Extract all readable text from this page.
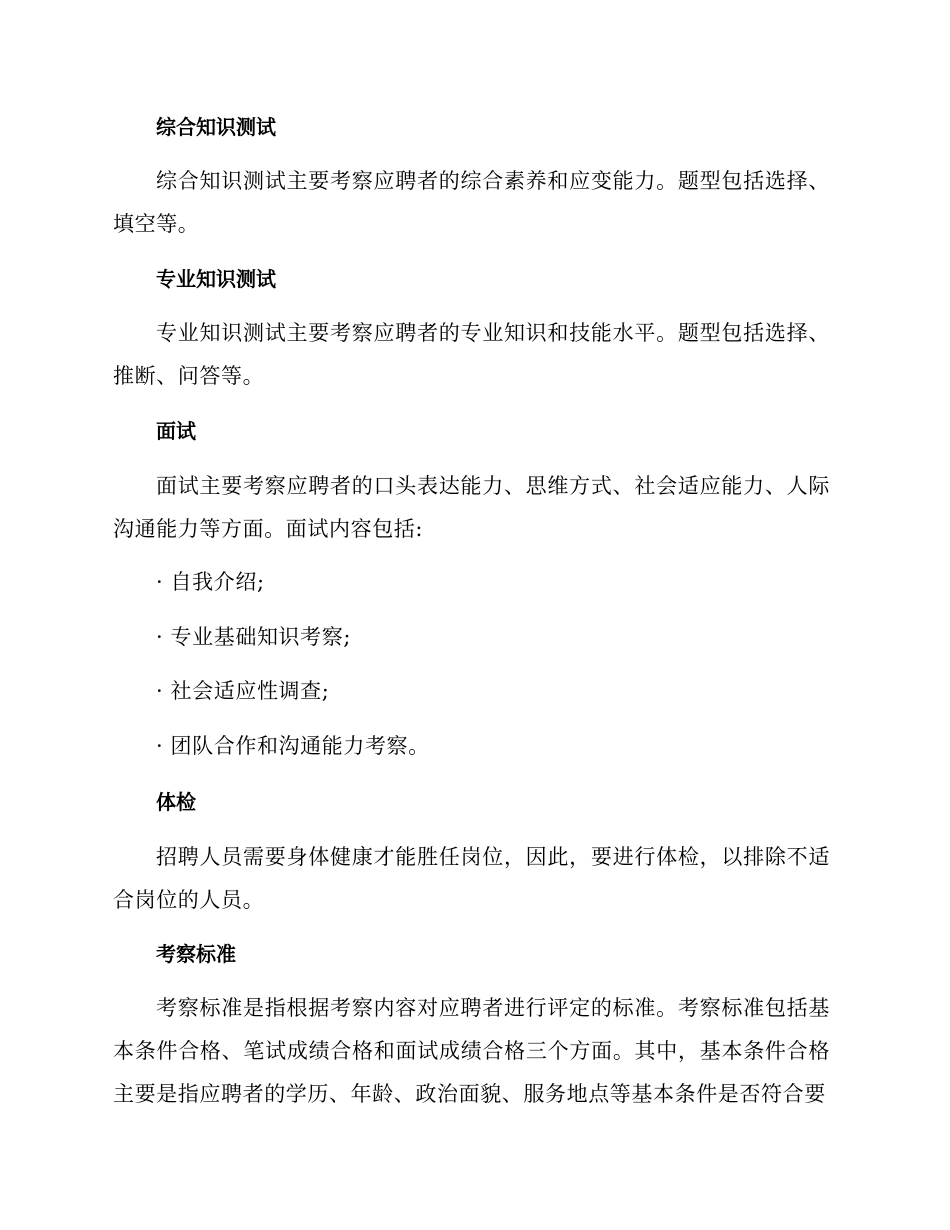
综合知识测试

综合知识测试主要考察应聘者的综合素养和应变能力。题型包括选择、填空等。

专业知识测试

专业知识测试主要考察应聘者的专业知识和技能水平。题型包括选择、推断、问答等。

面试

面试主要考察应聘者的口头表达能力、思维方式、社会适应能力、人际沟通能力等方面。面试内容包括:

· 自我介绍;

· 专业基础知识考察;

· 社会适应性调查;

· 团队合作和沟通能力考察。

体检

招聘人员需要身体健康才能胜任岗位，因此，要进行体检，以排除不适合岗位的人员。

考察标准

考察标准是指根据考察内容对应聘者进行评定的标准。考察标准包括基本条件合格、笔试成绩合格和面试成绩合格三个方面。其中，基本条件合格主要是指应聘者的学历、年龄、政治面貌、服务地点等基本条件是否符合要
